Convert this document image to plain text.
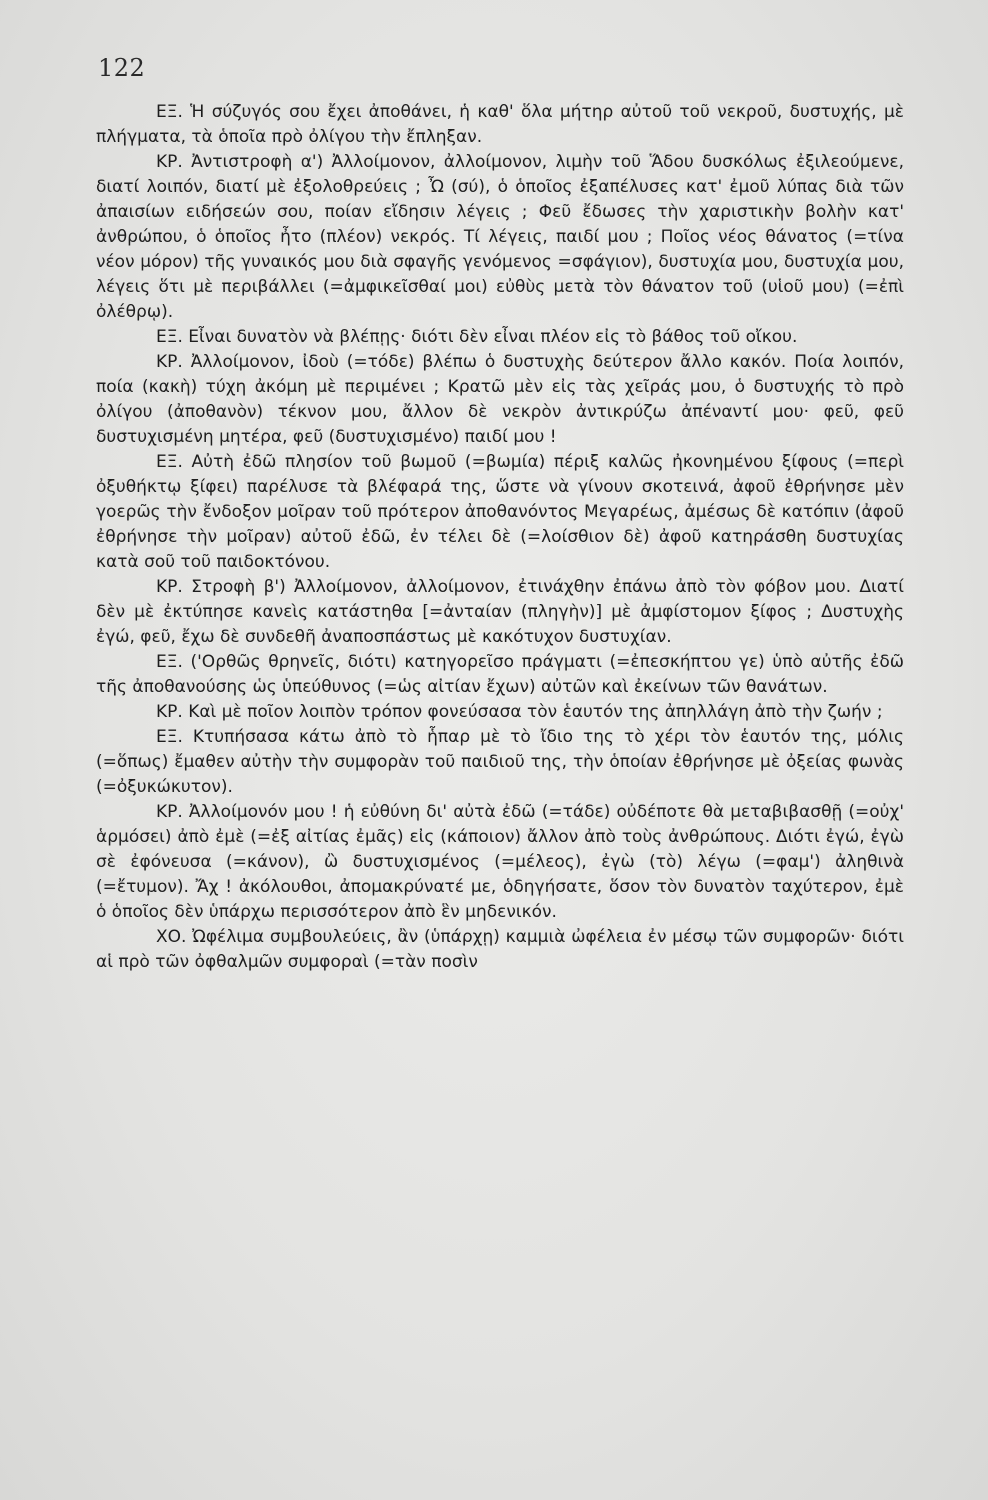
122

ΕΞ. Ἡ σύζυγός σου ἔχει ἀποθάνει, ἡ καθ' ὅλα μήτηρ αὐτοῦ τοῦ νεκροῦ, δυστυχής, μὲ πλήγματα, τὰ ὁποῖα πρὸ ὀλίγου τὴν ἔπληξαν.

ΚΡ. Ἀντιστροφὴ α') Ἀλλοίμονον, ἀλλοίμονον, λιμὴν τοῦ Ἅδου δυσκόλως ἐξιλεούμενε, διατί λοιπόν, διατί μὲ ἐξολοθρεύεις ; Ὦ (σύ), ὁ ὁποῖος ἐξαπέλυσες κατ' ἐμοῦ λύπας διὰ τῶν ἀπαισίων ειδήσεών σου, ποίαν εἴδησιν λέγεις ; Φεῦ ἔδωσες τὴν χαριστικὴν βολὴν κατ' ἀνθρώπου, ὁ ὁποῖος ἦτο (πλέον) νεκρός. Τί λέγεις, παιδί μου ; Ποῖος νέος θάνατος (=τίνα νέον μόρον) τῆς γυναικός μου διὰ σφαγῆς γενόμενος =σφάγιον), δυστυχία μου, δυστυχία μου, λέγεις ὅτι μὲ περιβάλλει (=ἀμφικεῖσθαί μοι) εὐθὺς μετὰ τὸν θάνατον τοῦ (υἱοῦ μου) (=ἐπὶ ὀλέθρῳ).

ΕΞ. Εἶναι δυνατὸν νὰ βλέπῃς· διότι δὲν εἶναι πλέον εἰς τὸ βάθος τοῦ οἴκου.

ΚΡ. Ἀλλοίμονον, ἰδοὺ (=τόδε) βλέπω ὁ δυστυχὴς δεύτερον ἄλλο κακόν. Ποία λοιπόν, ποία (κακὴ) τύχη ἀκόμη μὲ περιμένει ; Κρατῶ μὲν εἰς τὰς χεῖράς μου, ὁ δυστυχής τὸ πρὸ ὀλίγου (ἀποθανὸν) τέκνον μου, ἄλλον δὲ νεκρὸν ἀντικρύζω ἀπέναντί μου· φεῦ, φεῦ δυστυχισμένη μητέρα, φεῦ (δυστυχισμένο) παιδί μου !

ΕΞ. Αὐτὴ ἐδῶ πλησίον τοῦ βωμοῦ (=βωμία) πέριξ καλῶς ἠκονημένου ξίφους (=περὶ ὀξυθήκτῳ ξίφει) παρέλυσε τὰ βλέφαρά της, ὥστε νὰ γίνουν σκοτεινά, ἀφοῦ ἐθρήνησε μὲν γοερῶς τὴν ἔνδοξον μοῖραν τοῦ πρότερον ἀποθανόντος Μεγαρέως, ἀμέσως δὲ κατόπιν (ἀφοῦ ἐθρήνησε τὴν μοῖραν) αὐτοῦ ἐδῶ, ἐν τέλει δὲ (=λοίσθιον δὲ) ἀφοῦ κατηράσθη δυστυχίας κατὰ σοῦ τοῦ παιδοκτόνου.

ΚΡ. Στροφὴ β') Ἀλλοίμονον, ἀλλοίμονον, ἐτινάχθην ἐπάνω ἀπὸ τὸν φόβον μου. Διατί δὲν μὲ ἐκτύπησε κανεὶς κατάστηθα [=ἀνταίαν (πληγὴν)] μὲ ἀμφίστομον ξίφος ; Δυστυχὴς ἐγώ, φεῦ, ἔχω δὲ συνδεθῆ ἀναποσπάστως μὲ κακότυχον δυστυχίαν.

ΕΞ. ('Ορθῶς θρηνεῖς, διότι) κατηγορεῖσο πράγματι (=ἐπεσκήπτου γε) ὑπὸ αὐτῆς ἐδῶ τῆς ἀποθανούσης ὡς ὑπεύθυνος (=ὡς αἰτίαν ἔχων) αὐτῶν καὶ ἐκείνων τῶν θανάτων.

ΚΡ. Καὶ μὲ ποῖον λοιπὸν τρόπον φονεύσασα τὸν ἑαυτόν της ἀπηλλάγη ἀπὸ τὴν ζωήν ;

ΕΞ. Κτυπήσασα κάτω ἀπὸ τὸ ἧπαρ μὲ τὸ ἴδιο της τὸ χέρι τὸν ἑαυτόν της, μόλις (=ὅπως) ἔμαθεν αὐτὴν τὴν συμφορὰν τοῦ παιδιοῦ της, τὴν ὁποίαν ἐθρήνησε μὲ ὀξείας φωνὰς (=ὀξυκώκυτον).

ΚΡ. Ἀλλοίμονόν μου ! ἡ εὐθύνη δι' αὐτὰ ἐδῶ (=τάδε) οὐδέποτε θὰ μεταβιβασθῇ (=οὐχ' ἁρμόσει) ἀπὸ ἐμὲ (=ἐξ αἰτίας ἐμᾶς) εἰς (κάποιον) ἄλλον ἀπὸ τοὺς ἀνθρώπους. Διότι ἐγώ, ἐγὼ σὲ ἐφόνευσα (=κάνον), ὢ δυστυχισμένος (=μέλεος), ἐγὼ (τὸ) λέγω (=φαμ') ἀληθινὰ (=ἔτυμον). Ἄχ ! ἀκόλουθοι, ἀπομακρύνατέ με, ὁδηγήσατε, ὅσον τὸν δυνατὸν ταχύτερον, ἐμὲ ὁ ὁποῖος δὲν ὑπάρχω περισσότερον ἀπὸ ἓν μηδενικόν.

ΧΟ. Ὠφέλιμα συμβουλεύεις, ἂν (ὑπάρχῃ) καμμιὰ ὠφέλεια ἐν μέσῳ τῶν συμφορῶν· διότι αἱ πρὸ τῶν ὀφθαλμῶν συμφοραὶ (=τὰν ποσὶν
